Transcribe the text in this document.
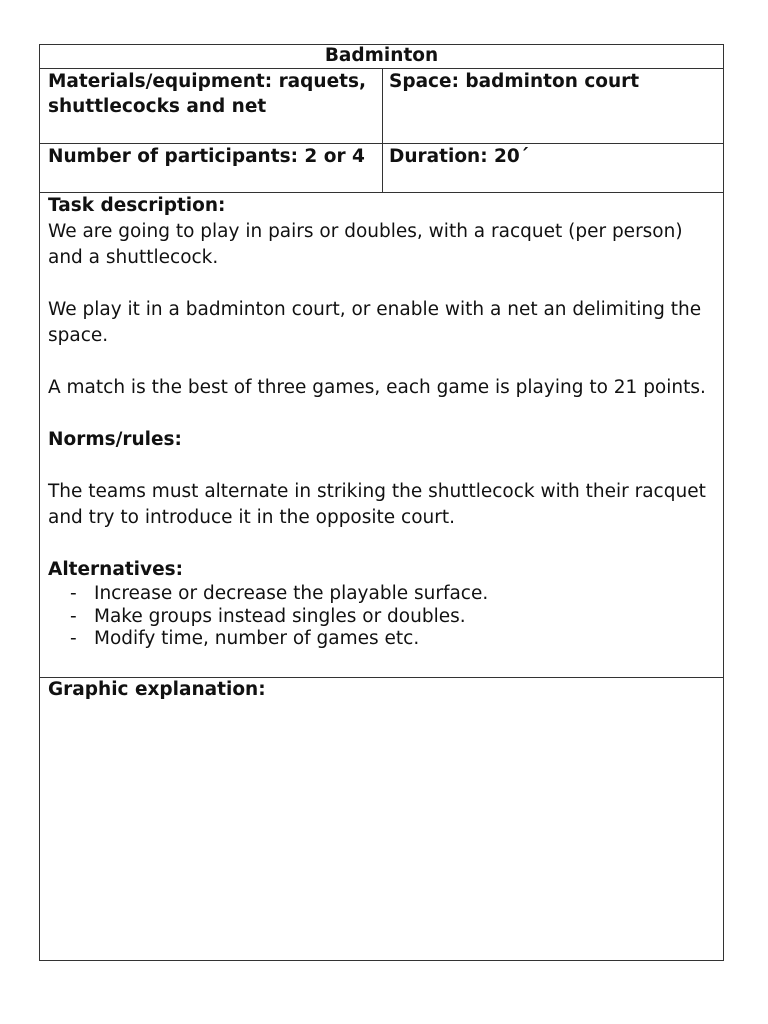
Badminton
Materials/equipment: raquets, shuttlecocks and net
Space: badminton court
Number of participants: 2 or 4	Duration: 20´
Task description:

We are going to play in pairs or doubles, with a racquet (per person) and a shuttlecock.

We play it in a badminton court, or enable with a net an delimiting the space.

A match is the best of three games, each game is playing to 21 points.

Norms/rules:

The teams must alternate in striking the shuttlecock with their racquet and try to introduce it in the opposite court.

Alternatives:
- Increase or decrease the playable surface.
- Make groups instead singles or doubles.
- Modify time, number of games etc.
Graphic explanation:
